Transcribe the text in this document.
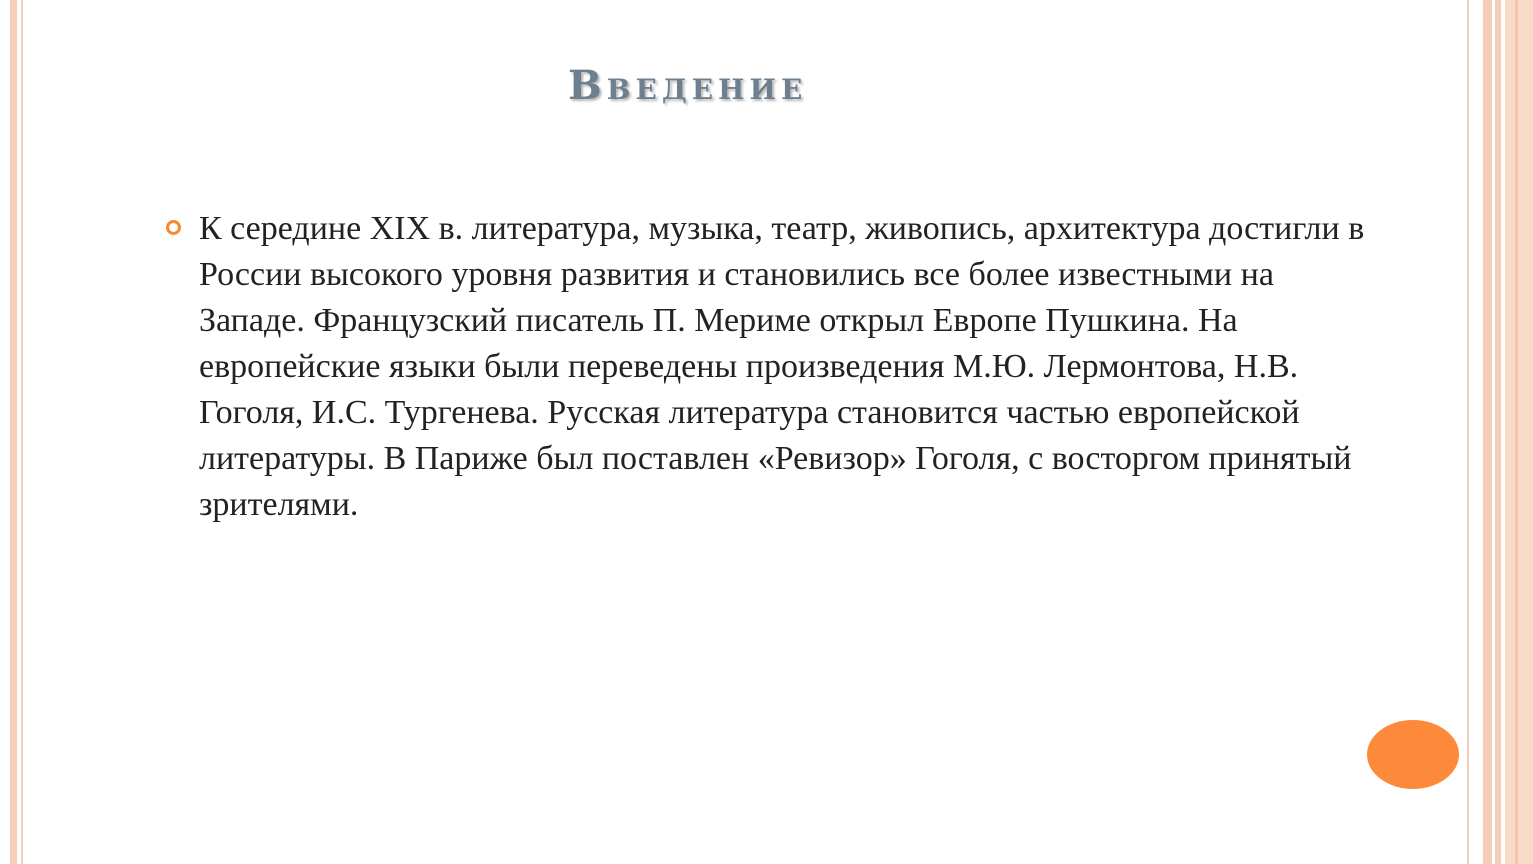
Введение

К середине XIX в. литература, музыка, театр, живопись, архитектура достигли в России высокого уровня развития и становились все более известными на Западе. Французский писатель П. Мериме открыл Европе Пушкина. На европейские языки были переведены произведения М.Ю. Лермонтова, Н.В. Гоголя, И.С. Тургенева. Русская литература становится частью европейской литературы. В Париже был поставлен «Ревизор» Гоголя, с восторгом принятый зрителями.
